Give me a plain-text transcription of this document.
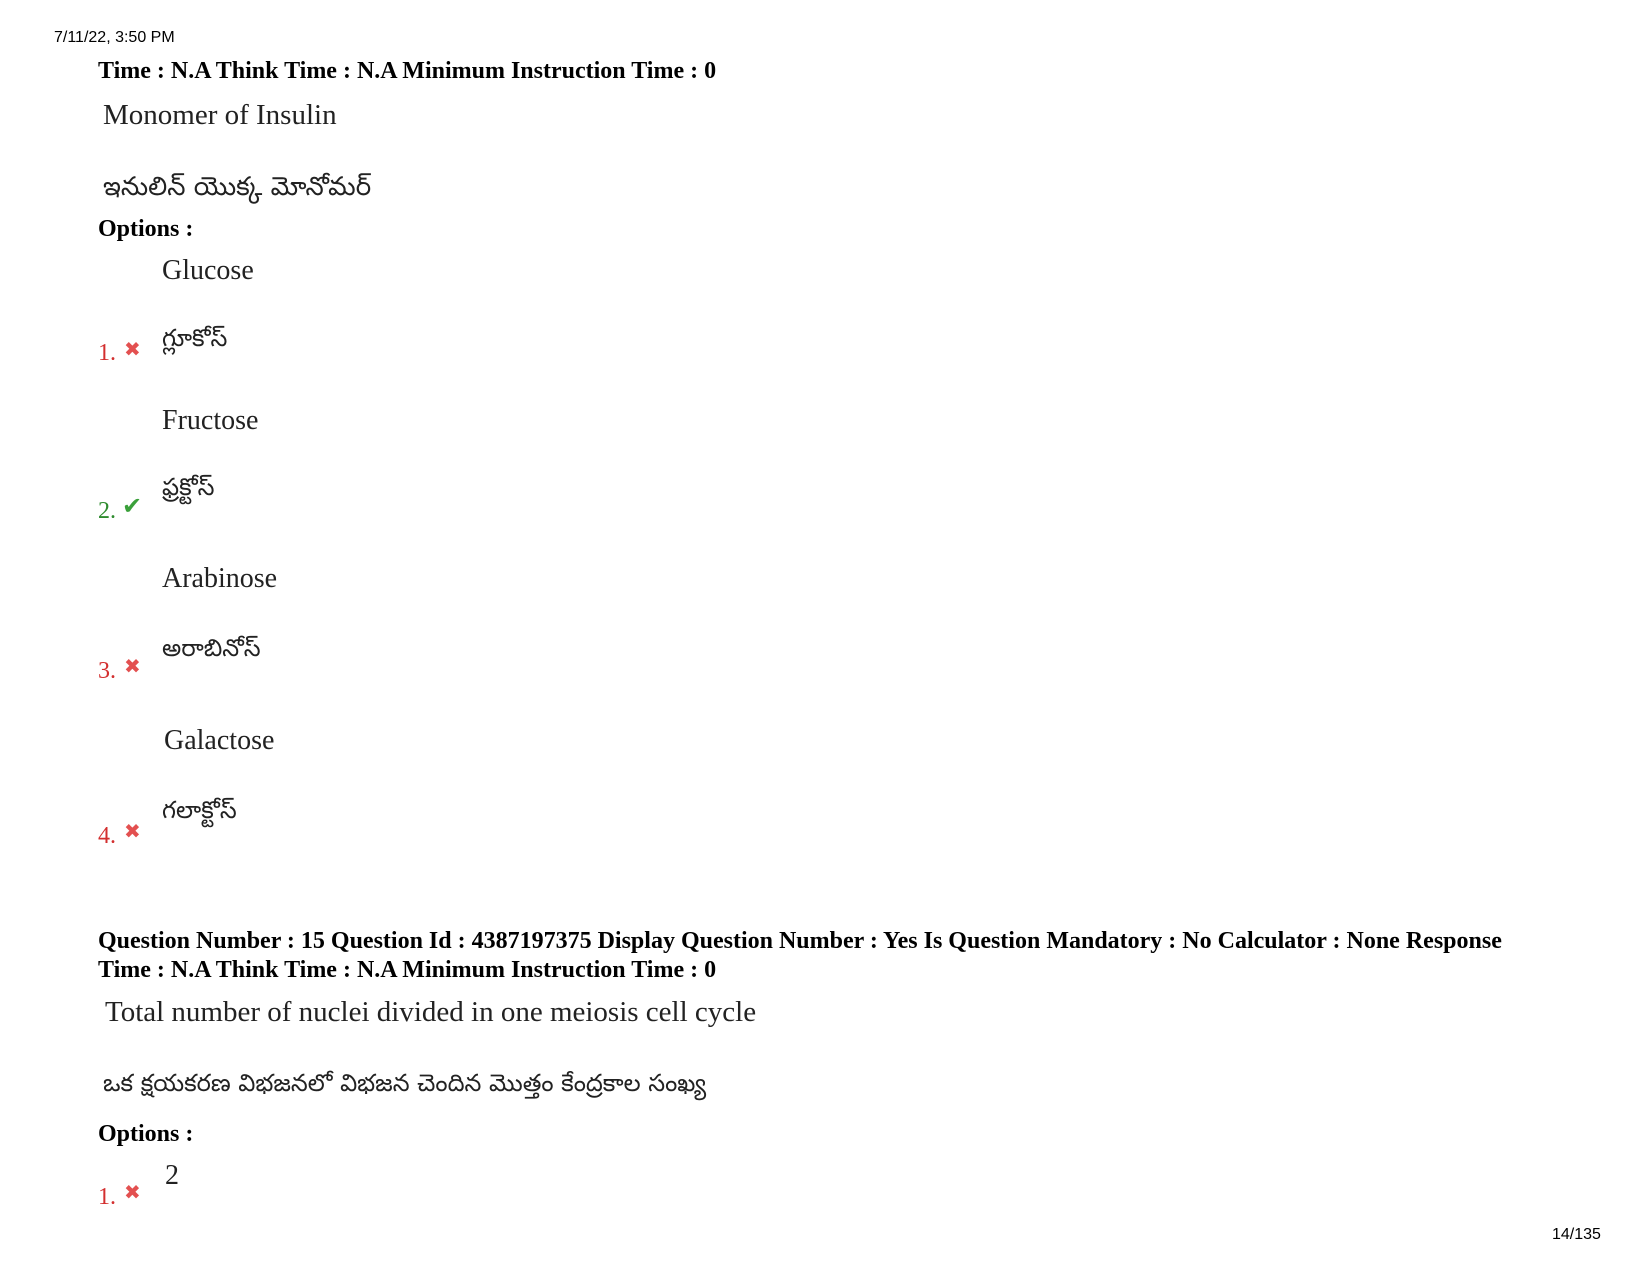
7/11/22, 3:50 PM
14/135
Time : N.A Think Time : N.A Minimum Instruction Time : 0
Monomer of Insulin
ఇనులిన్ యొక్క మోనోమర్
Options :
Glucose
గ్లూకోస్
1. ✖
Fructose
ఫ్రక్టోస్
2. ✔
Arabinose
అరాబినోస్
3. ✖
Galactose
గలాక్టోస్
4. ✖
Question Number : 15 Question Id : 4387197375 Display Question Number : Yes Is Question Mandatory : No Calculator : None Response
Time : N.A Think Time : N.A Minimum Instruction Time : 0
Total number of nuclei divided in one meiosis cell cycle
ఒక క్షయకరణ విభజనలో విభజన చెందిన మొత్తం కేంద్రకాల సంఖ్య
Options :
2
1. ✖
